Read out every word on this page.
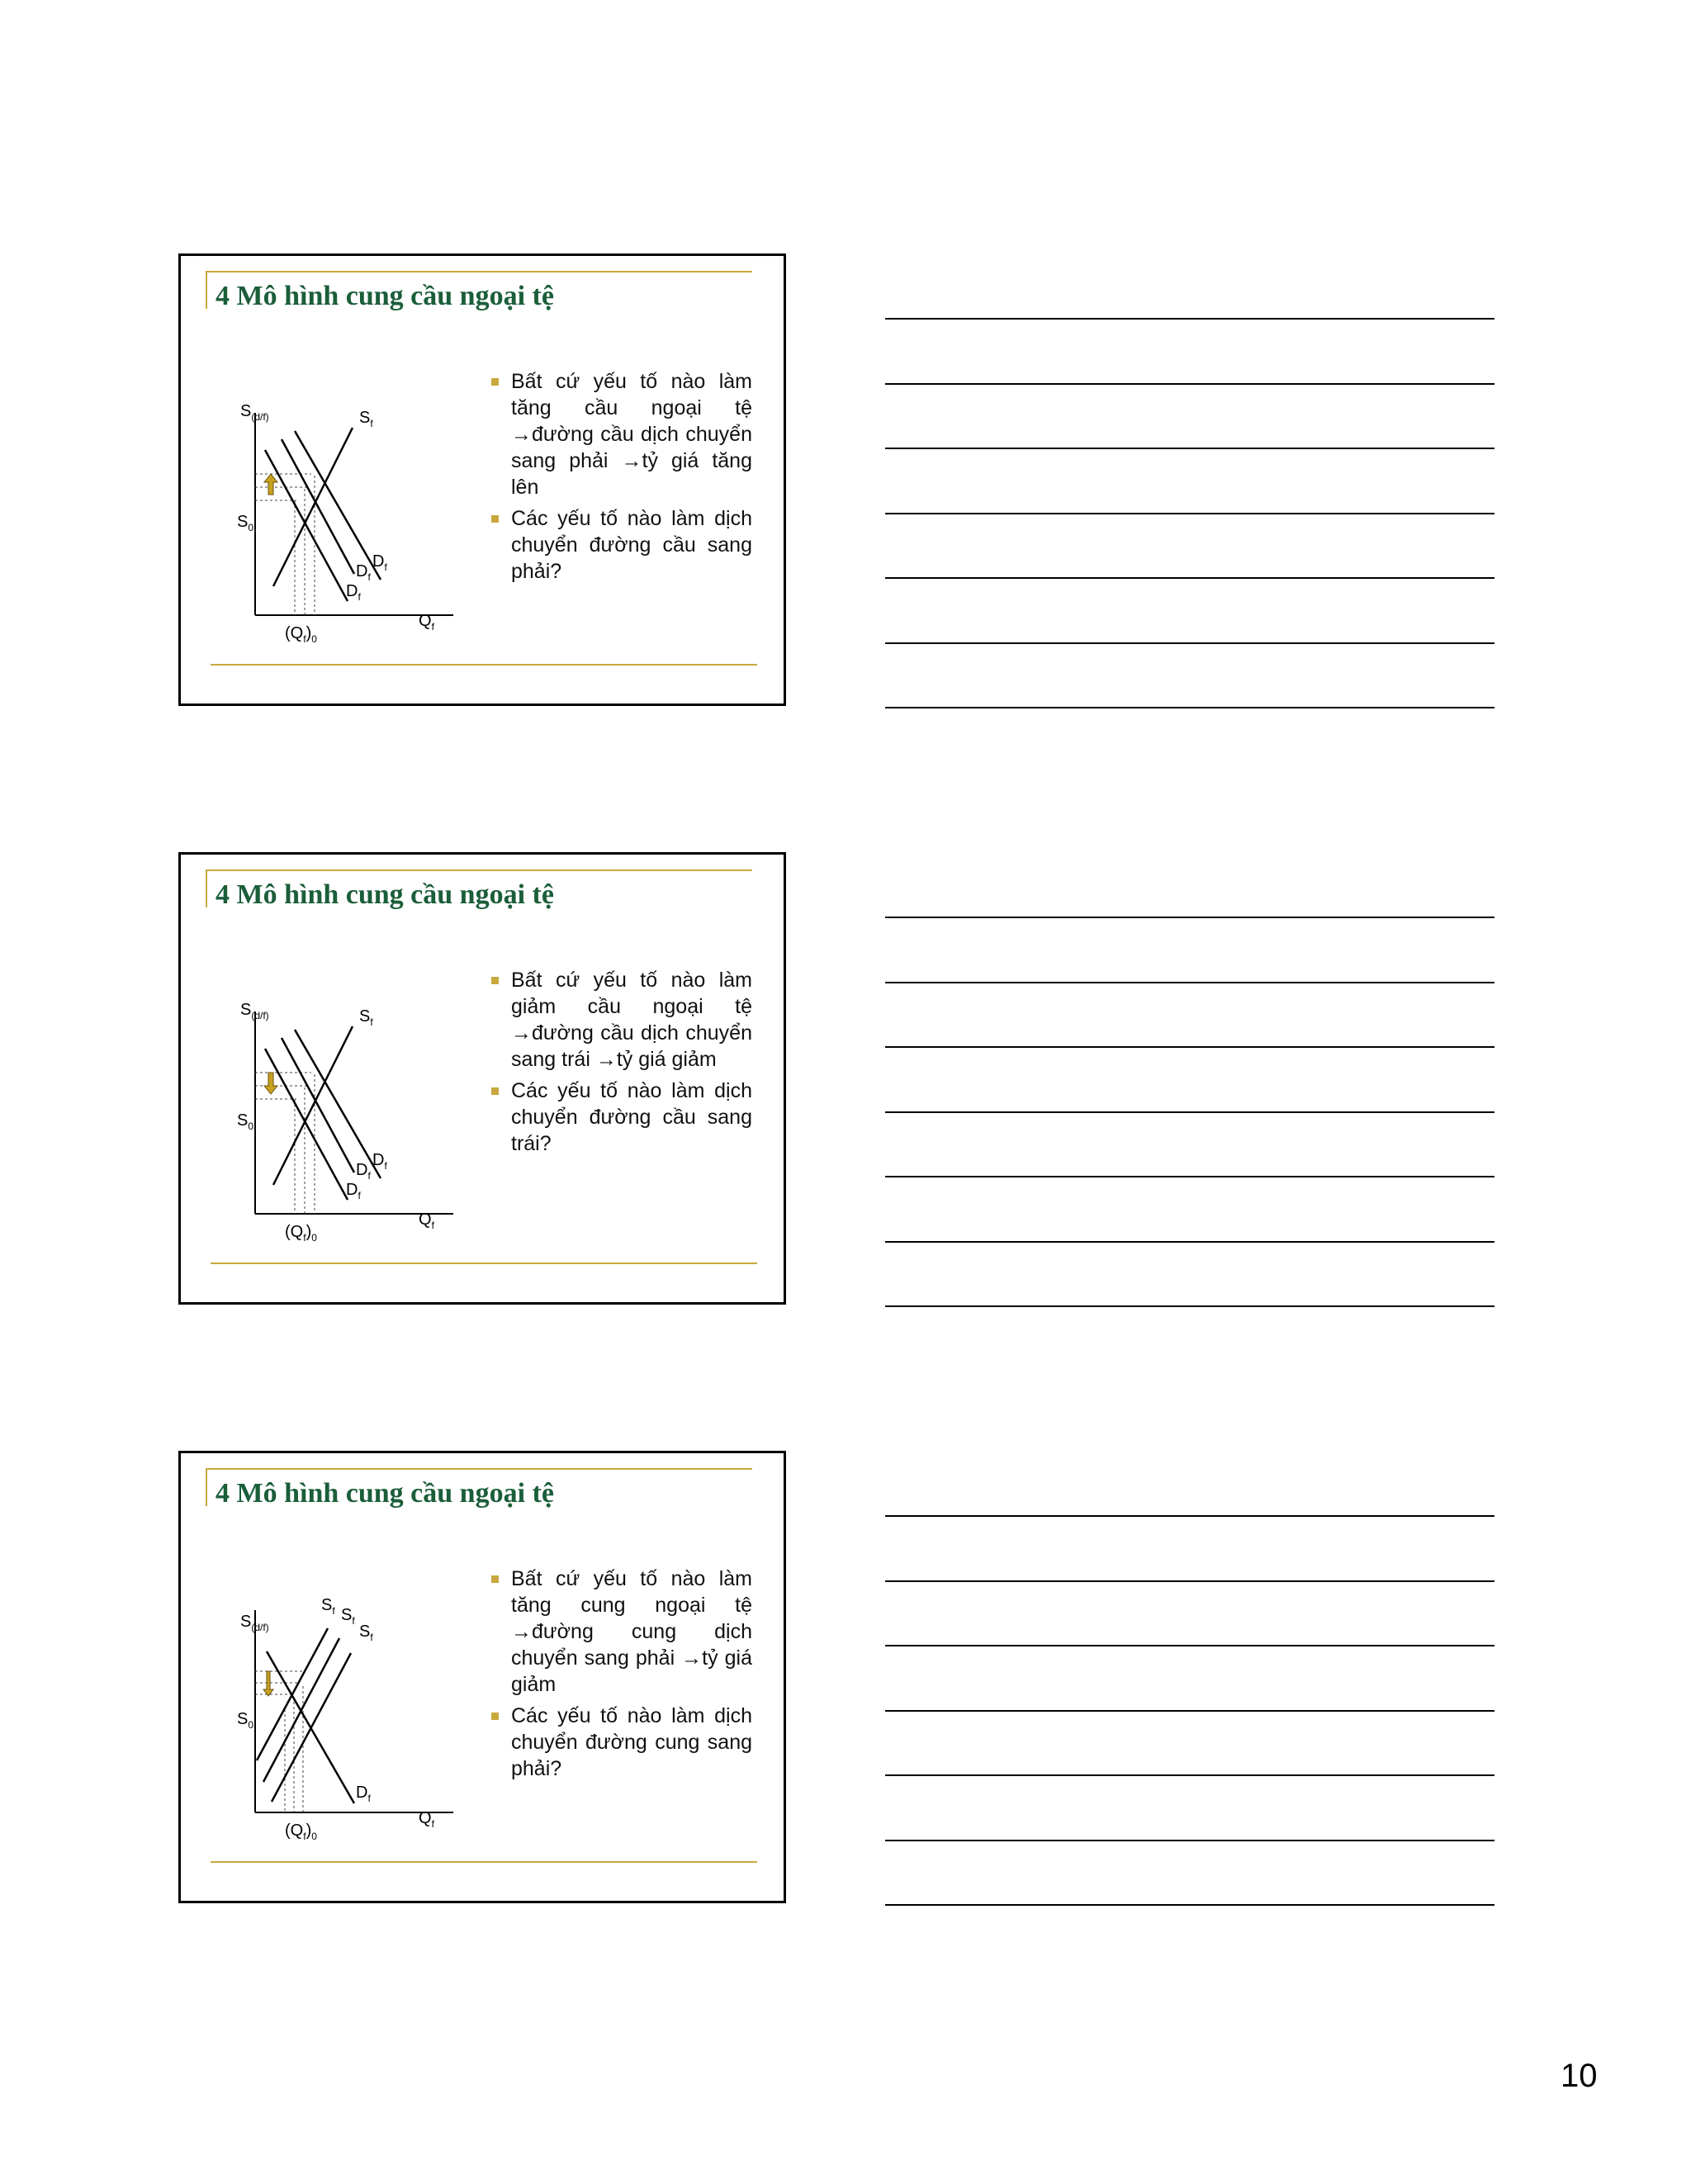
4 Mô hình cung cầu ngoại tệ
$S_{(d/f)}$
$S_0$
$S_f$
$D_f$
$D_f$
$D_f$
$Q_f$
$(Q_f)_0$
Bất cứ yếu tố nào làm tăng cầu ngoại tệ →đường cầu dịch chuyển sang phải →tỷ giá tăng lên
Các yếu tố nào làm dịch chuyển đường cầu sang phải?
4 Mô hình cung cầu ngoại tệ
$S_{(d/f)}$
$S_0$
$S_f$
$D_f$
$D_f$
$D_f$
$Q_f$
$(Q_f)_0$
Bất cứ yếu tố nào làm giảm cầu ngoại tệ →đường cầu dịch chuyển sang trái →tỷ giá giảm
Các yếu tố nào làm dịch chuyển đường cầu sang trái?
4 Mô hình cung cầu ngoại tệ
$S_{(d/f)}$
$S_0$
$S_f$ $S_f$
$S_f$
$D_f$
$Q_f$
$(Q_f)_0$
Bất cứ yếu tố nào làm tăng cung ngoại tệ →đường cung dịch chuyển sang phải →tỷ giá giảm
Các yếu tố nào làm dịch chuyển đường cung sang phải?
10
